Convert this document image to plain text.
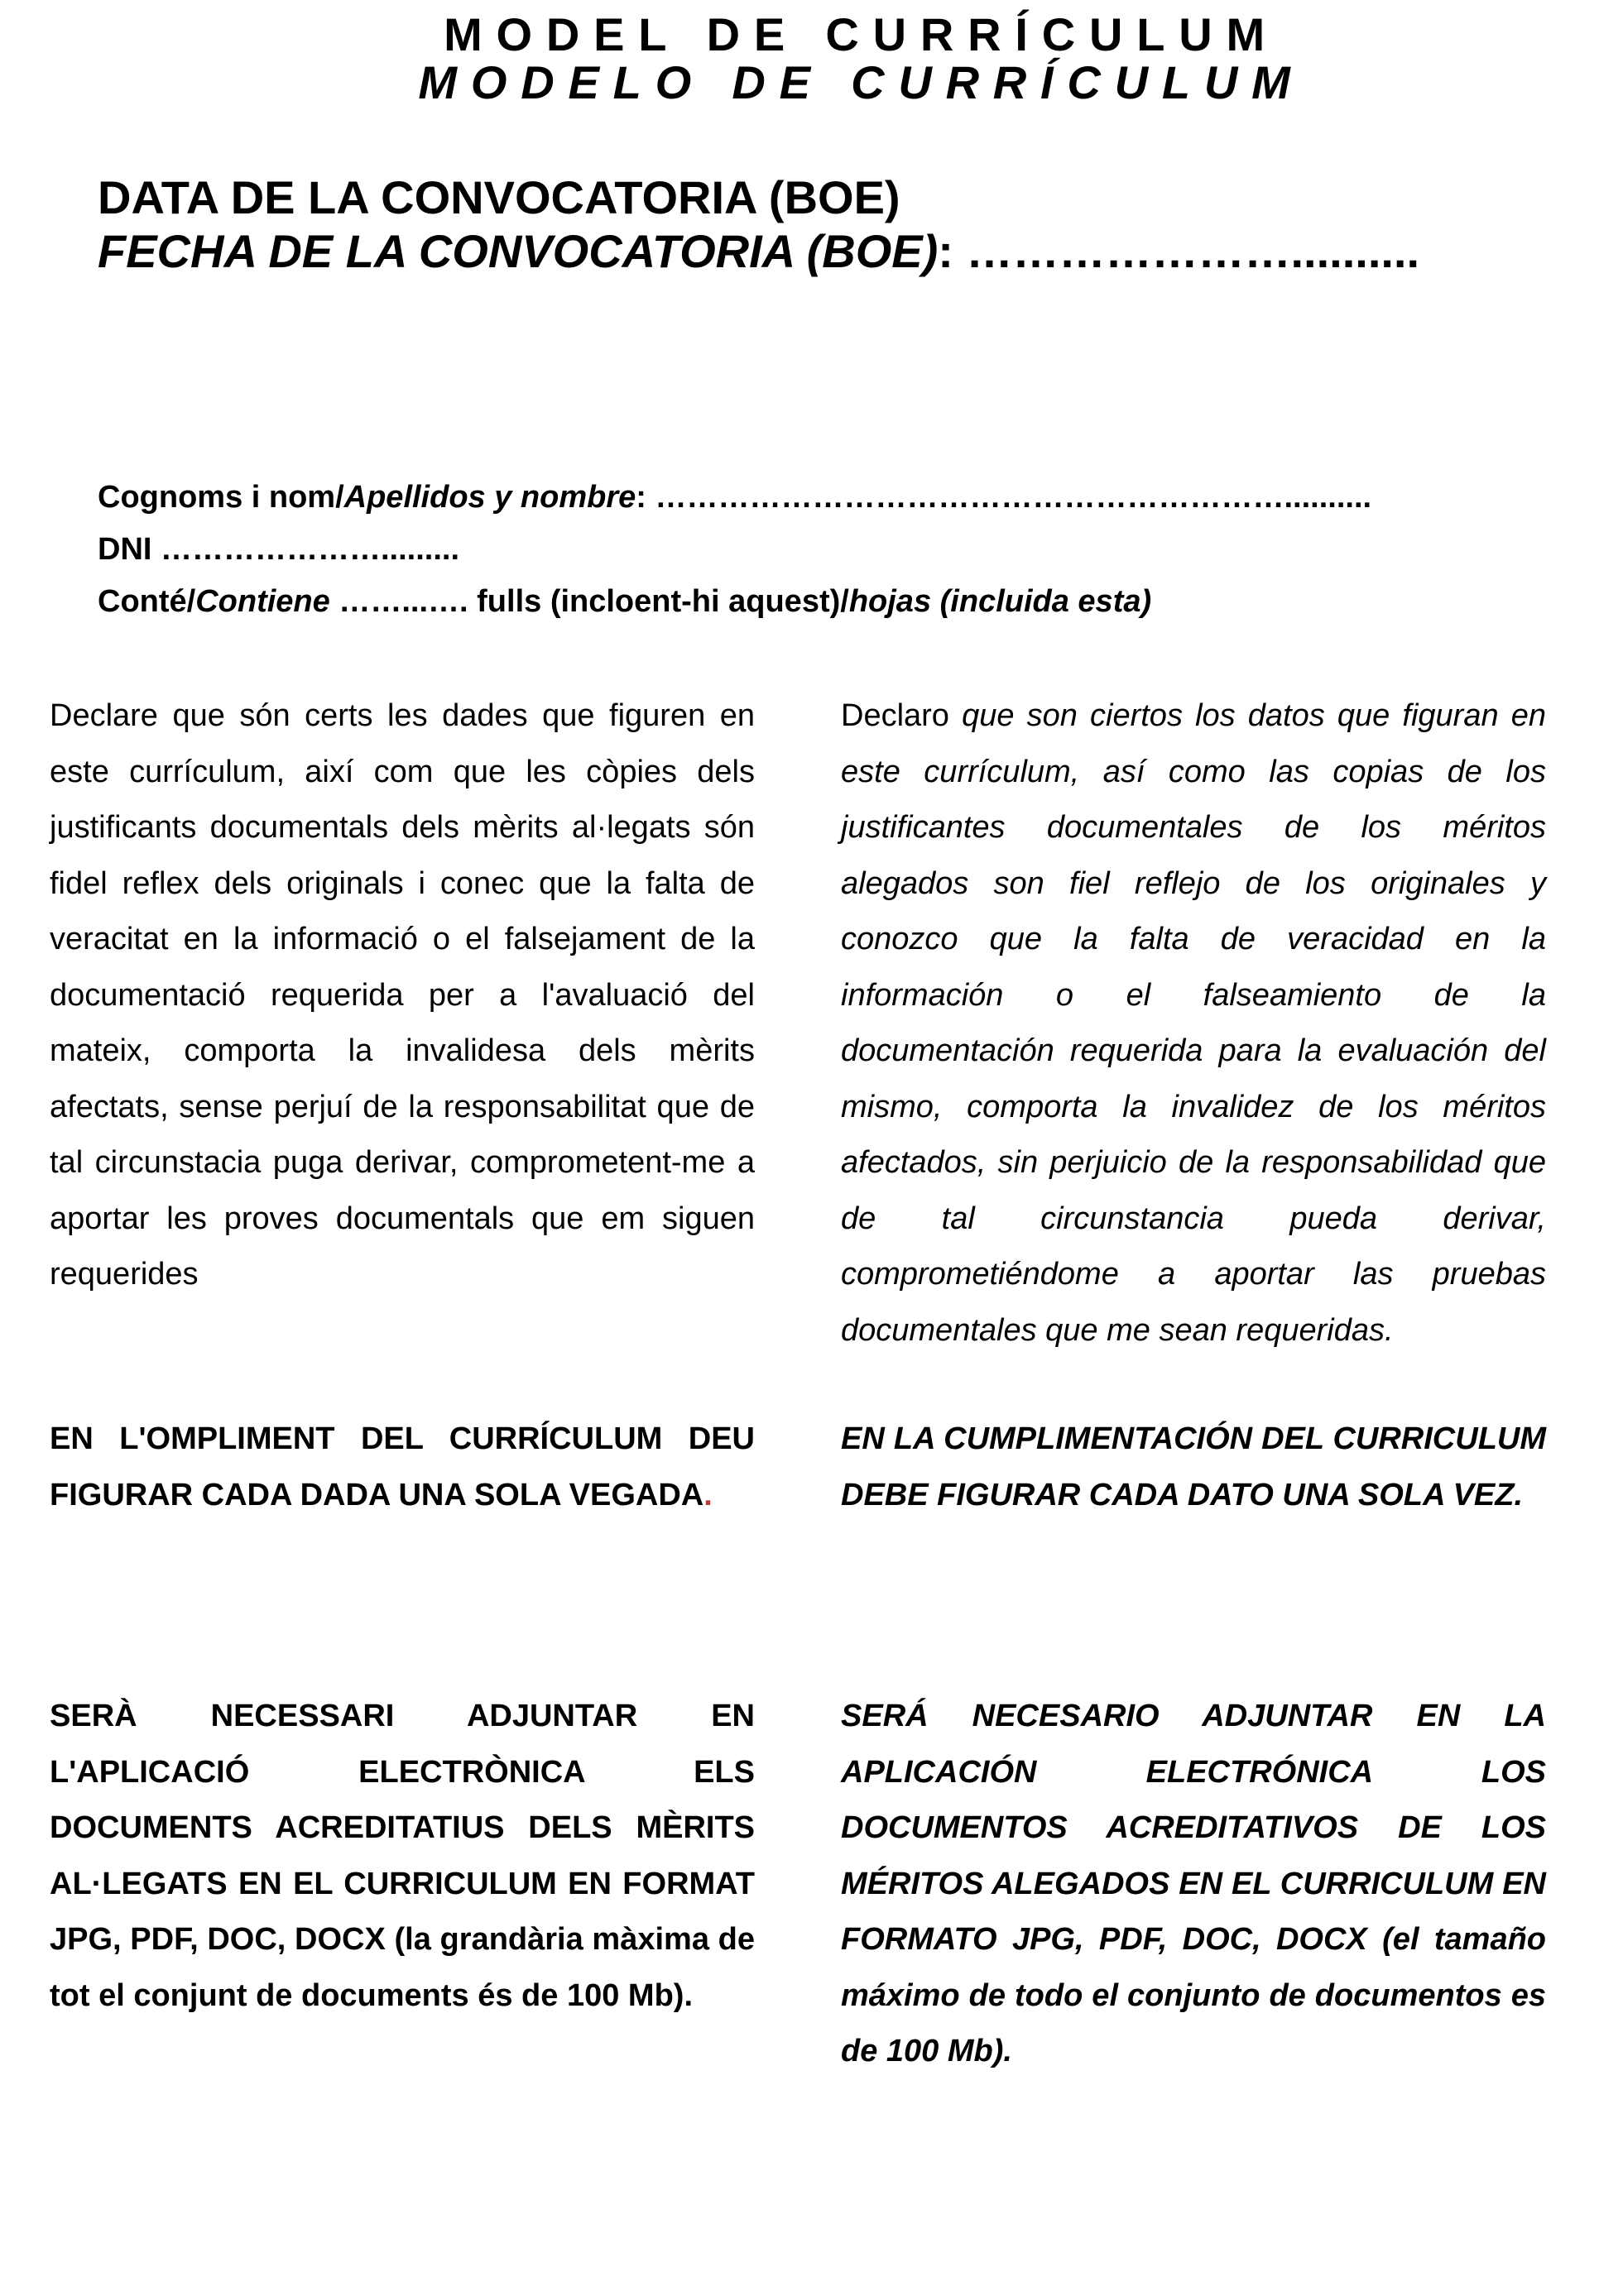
MODEL DE CURRÍCULUM
MODELO DE CURRÍCULUM
DATA DE LA CONVOCATORIA (BOE)
FECHA DE LA CONVOCATORIA (BOE): …………………..........
Cognoms i nom/Apellidos y nombre: ……………………………………………………..........
DNI ………………….........
Conté/Contiene ……...…. fulls (incloent-hi aquest)/hojas (incluida esta)

Declare que són certs les dades que figuren en este currículum, així com que les còpies dels justificants documentals dels mèrits al·legats són fidel reflex dels originals i conec que la falta de veracitat en la informació o el falsejament de la documentació requerida per a l'avaluació del mateix, comporta la invalidesa dels mèrits afectats, sense perjuí de la responsabilitat que de tal circunstacia puga derivar, comprometent-me a aportar les proves documentals que em siguen requerides

Declaro que son ciertos los datos que figuran en este currículum, así como las copias de los justificantes documentales de los méritos alegados son fiel reflejo de los originales y conozco que la falta de veracidad en la información o el falseamiento de la documentación requerida para la evaluación del mismo, comporta la invalidez de los méritos afectados, sin perjuicio de la responsabilidad que de tal circunstancia pueda derivar, comprometiéndome a aportar las pruebas documentales que me sean requeridas.

EN L'OMPLIMENT DEL CURRÍCULUM DEU FIGURAR CADA DADA UNA SOLA VEGADA.

EN LA CUMPLIMENTACIÓN DEL CURRICULUM DEBE FIGURAR CADA DATO UNA SOLA VEZ.

SERÀ NECESSARI ADJUNTAR EN L'APLICACIÓ ELECTRÒNICA ELS DOCUMENTS ACREDITATIUS DELS MÈRITS AL·LEGATS EN EL CURRICULUM EN FORMAT JPG, PDF, DOC, DOCX (la grandària màxima de tot el conjunt de documents és de 100 Mb).

SERÁ NECESARIO ADJUNTAR EN LA APLICACIÓN ELECTRÓNICA LOS DOCUMENTOS ACREDITATIVOS DE LOS MÉRITOS ALEGADOS EN EL CURRICULUM EN FORMATO JPG, PDF, DOC, DOCX (el tamaño máximo de todo el conjunto de documentos es de 100 Mb).
